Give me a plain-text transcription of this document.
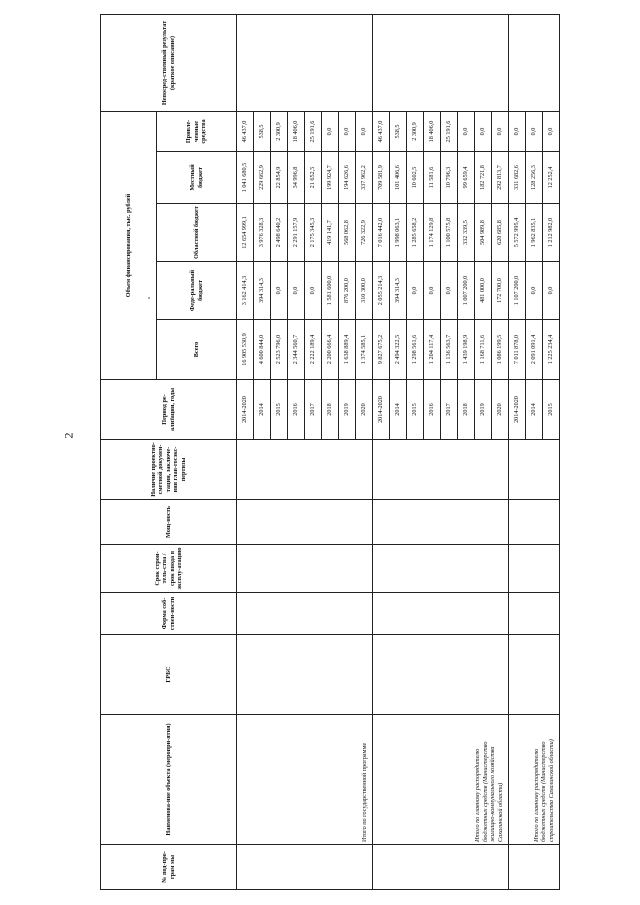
2
№ под-про-грам мы	Наименова-ние объекта (меропри-ятия)	ГРБС	Форма соб-ствен-ности	Срок строи-тель-ства / срок ввода в эксплу-атацию	Мощ-ность	Наличие проектно-сметной докумен-тации, заключе-ния глав-госэкс-пертизы	Период ре-ализации, годы	Объем финансирования, тыс. рублей					Непосред-ственный результат (краткое описание)
								Всего	Феде-ральный бюджет	Областной бюджет	Местный бюджет	Привле-ченные средства	
	Итого по государственной программе						2014-2020	16 905 530,9	3 162 414,3	12 654 999,1	1 041 680,5	46 437,0	
							2014	4 600 844,0	394 314,3	3 976 328,3	229 662,9	538,5	
							2015	2 523 796,0	0,0	2 498 640,2	22 854,9	2 300,9	
							2016	2 344 560,7	0,0	2 291 157,9	34 996,8	18 406,0	
							2017	2 222 189,4	0,0	2 175 345,3	21 652,5	25 191,6	
							2018	2 200 666,4	1 581 600,0	419 141,7	199 924,7	0,0	
							2019	1 638 889,4	876 200,0	568 062,8	194 626,6	0,0	
							2020	1 374 585,1	310 300,0	726 322,9	337 962,2	0,0	
	Итого по главному распорядителю бюджетных средств (Министерство жилищно-коммунального хозяйства Сахалинской области)						2014-2020	9 827 675,2	2 055 214,3	7 016 442,0	709 581,9	46 437,0	
							2014	2 494 322,5	394 314,3	1 998 063,1	101 406,6	538,5	
							2015	1 298 561,6	0,0	1 285 658,2	10 602,5	2 300,9	
							2016	1 204 117,4	0,0	1 174 129,8	11 581,6	18 406,0	
							2017	1 136 563,7	0,0	1 100 575,8	10 796,3	25 191,6	
							2018	1 439 198,9	1 007 200,0	332 339,5	99 659,4	0,0	
							2019	1 168 711,6	481 000,0	504 989,8	182 721,8	0,0	
							2020	1 086 199,5	172 700,0	620 685,8	292 813,7	0,0	
	Итого по главному распорядителю бюджетных средств (Министерство строительства Сахалинской области)						2014-2020	7 011 878,0	1 107 200,0	5 572 995,4	331 682,6	0,0	
							2014	2 091 091,4	0,0	1 962 835,1	128 256,3	0,0	
							2015	1 225 234,4	0,0	1 212 982,0	12 252,4	0,0	
